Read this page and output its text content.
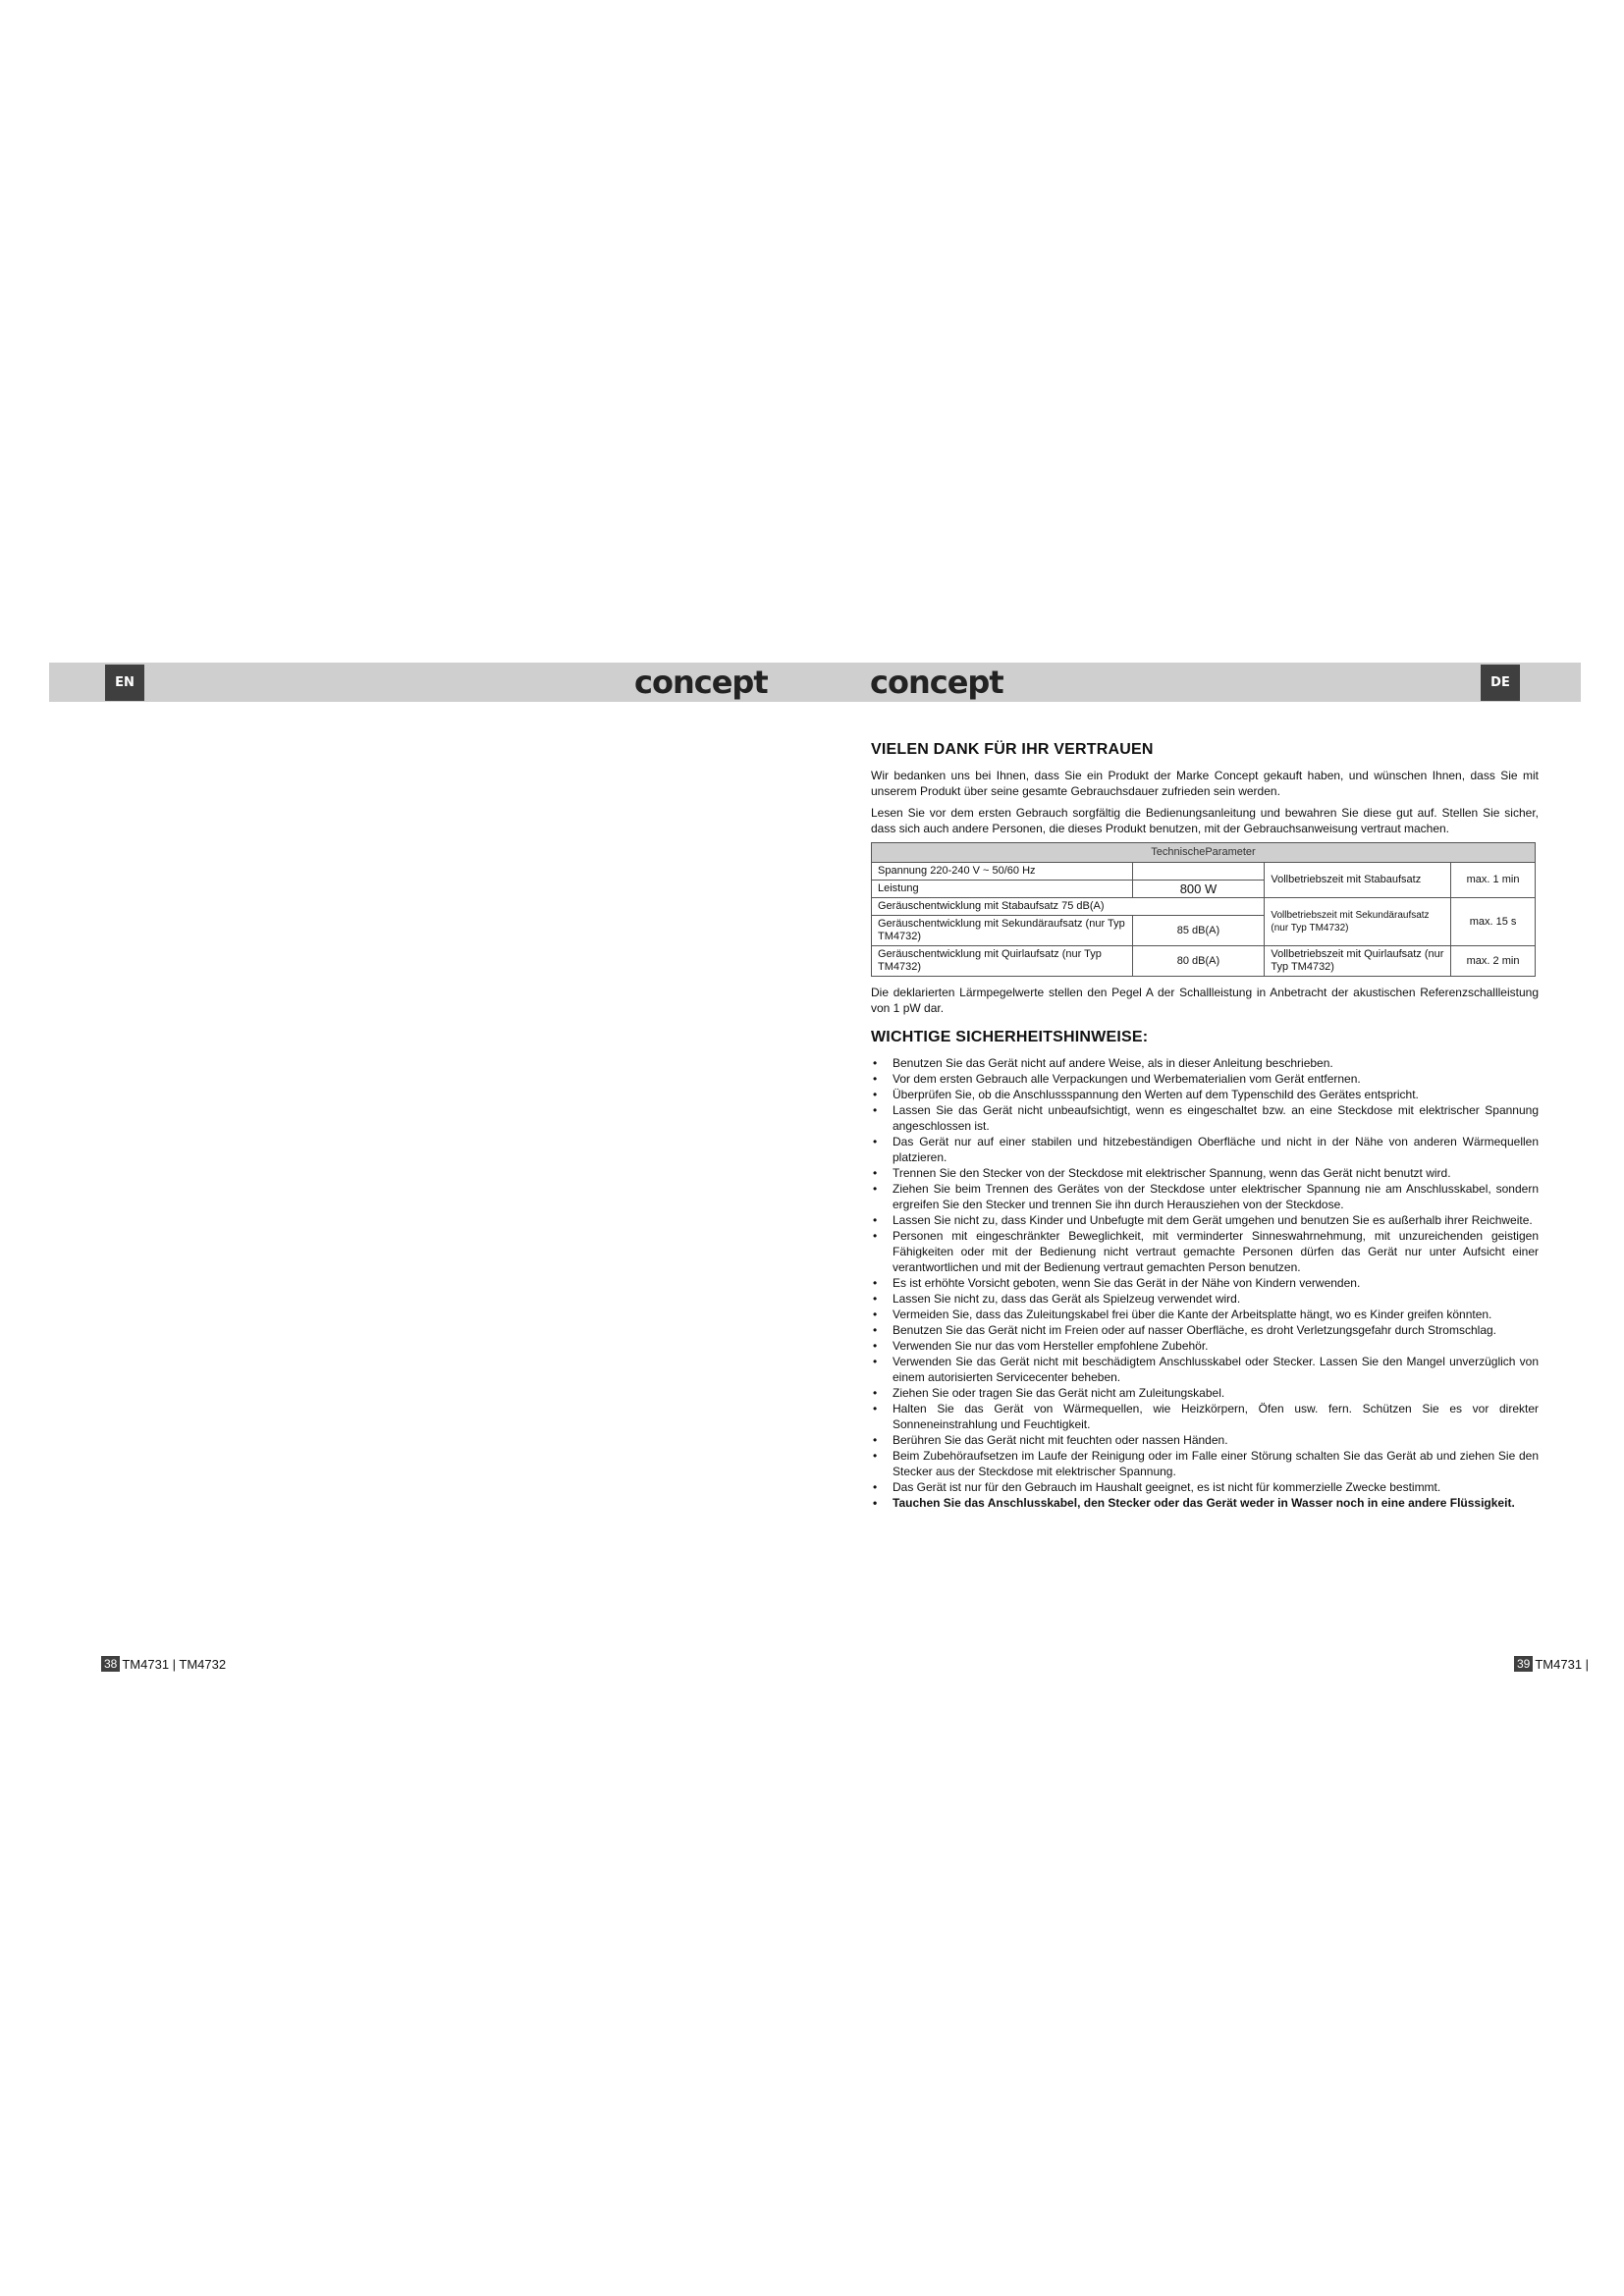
EN	concept	concept	DE
VIELEN DANK FÜR IHR VERTRAUEN

Wir bedanken uns bei Ihnen, dass Sie ein Produkt der Marke Concept gekauft haben, und wünschen Ihnen, dass Sie mit unserem Produkt über seine gesamte Gebrauchsdauer zufrieden sein werden.

Lesen Sie vor dem ersten Gebrauch sorgfältig die Bedienungsanleitung und bewahren Sie diese gut auf. Stellen Sie sicher, dass sich auch andere Personen, die dieses Produkt benutzen, mit der Gebrauchsanweisung vertraut machen.

TechnischeParameter			
Spannung 220-240 V ~ 50/60 Hz		Vollbetriebszeit mit Stabaufsatz	max. 1 min
Leistung	800 W		
Geräuschentwicklung mit Stabaufsatz 75 dB(A)		Vollbetriebszeit mit Sekundäraufsatz (nur Typ TM4732)	max. 15 s
Geräuschentwicklung mit Sekundäraufsatz (nur Typ TM4732)	85 dB(A)		
Geräuschentwicklung mit Quirlaufsatz (nur Typ TM4732)	80 dB(A)	Vollbetriebszeit mit Quirlaufsatz (nur Typ TM4732)	max. 2 min

Die deklarierten Lärmpegelwerte stellen den Pegel A der Schallleistung in Anbetracht der akustischen Referenzschallleistung von 1 pW dar.

WICHTIGE SICHERHEITSHINWEISE:
• Benutzen Sie das Gerät nicht auf andere Weise, als in dieser Anleitung beschrieben.
• Vor dem ersten Gebrauch alle Verpackungen und Werbematerialien vom Gerät entfernen.
• Überprüfen Sie, ob die Anschlussspannung den Werten auf dem Typenschild des Gerätes entspricht.
• Lassen Sie das Gerät nicht unbeaufsichtigt, wenn es eingeschaltet bzw. an eine Steckdose mit elektrischer Spannung angeschlossen ist.
• Das Gerät nur auf einer stabilen und hitzebeständigen Oberfläche und nicht in der Nähe von anderen Wärmequellen platzieren.
• Trennen Sie den Stecker von der Steckdose mit elektrischer Spannung, wenn das Gerät nicht benutzt wird.
• Ziehen Sie beim Trennen des Gerätes von der Steckdose unter elektrischer Spannung nie am Anschlusskabel, sondern ergreifen Sie den Stecker und trennen Sie ihn durch Herausziehen von der Steckdose.
• Lassen Sie nicht zu, dass Kinder und Unbefugte mit dem Gerät umgehen und benutzen Sie es außerhalb ihrer Reichweite.
• Personen mit eingeschränkter Beweglichkeit, mit verminderter Sinneswahrnehmung, mit unzureichenden geistigen Fähigkeiten oder mit der Bedienung nicht vertraut gemachte Personen dürfen das Gerät nur unter Aufsicht einer verantwortlichen und mit der Bedienung vertraut gemachten Person benutzen.
• Es ist erhöhte Vorsicht geboten, wenn Sie das Gerät in der Nähe von Kindern verwenden.
• Lassen Sie nicht zu, dass das Gerät als Spielzeug verwendet wird.
• Vermeiden Sie, dass das Zuleitungskabel frei über die Kante der Arbeitsplatte hängt, wo es Kinder greifen könnten.
• Benutzen Sie das Gerät nicht im Freien oder auf nasser Oberfläche, es droht Verletzungsgefahr durch Stromschlag.
• Verwenden Sie nur das vom Hersteller empfohlene Zubehör.
• Verwenden Sie das Gerät nicht mit beschädigtem Anschlusskabel oder Stecker. Lassen Sie den Mangel unverzüglich von einem autorisierten Servicecenter beheben.
• Ziehen Sie oder tragen Sie das Gerät nicht am Zuleitungskabel.
• Halten Sie das Gerät von Wärmequellen, wie Heizkörpern, Öfen usw. fern. Schützen Sie es vor direkter Sonneneinstrahlung und Feuchtigkeit.
• Berühren Sie das Gerät nicht mit feuchten oder nassen Händen.
• Beim Zubehöraufsetzen im Laufe der Reinigung oder im Falle einer Störung schalten Sie das Gerät ab und ziehen Sie den Stecker aus der Steckdose mit elektrischer Spannung.
• Das Gerät ist nur für den Gebrauch im Haushalt geeignet, es ist nicht für kommerzielle Zwecke bestimmt.
• Tauchen Sie das Anschlusskabel, den Stecker oder das Gerät weder in Wasser noch in eine andere Flüssigkeit.
38 TM4731 | TM4732	39 TM4731 |
